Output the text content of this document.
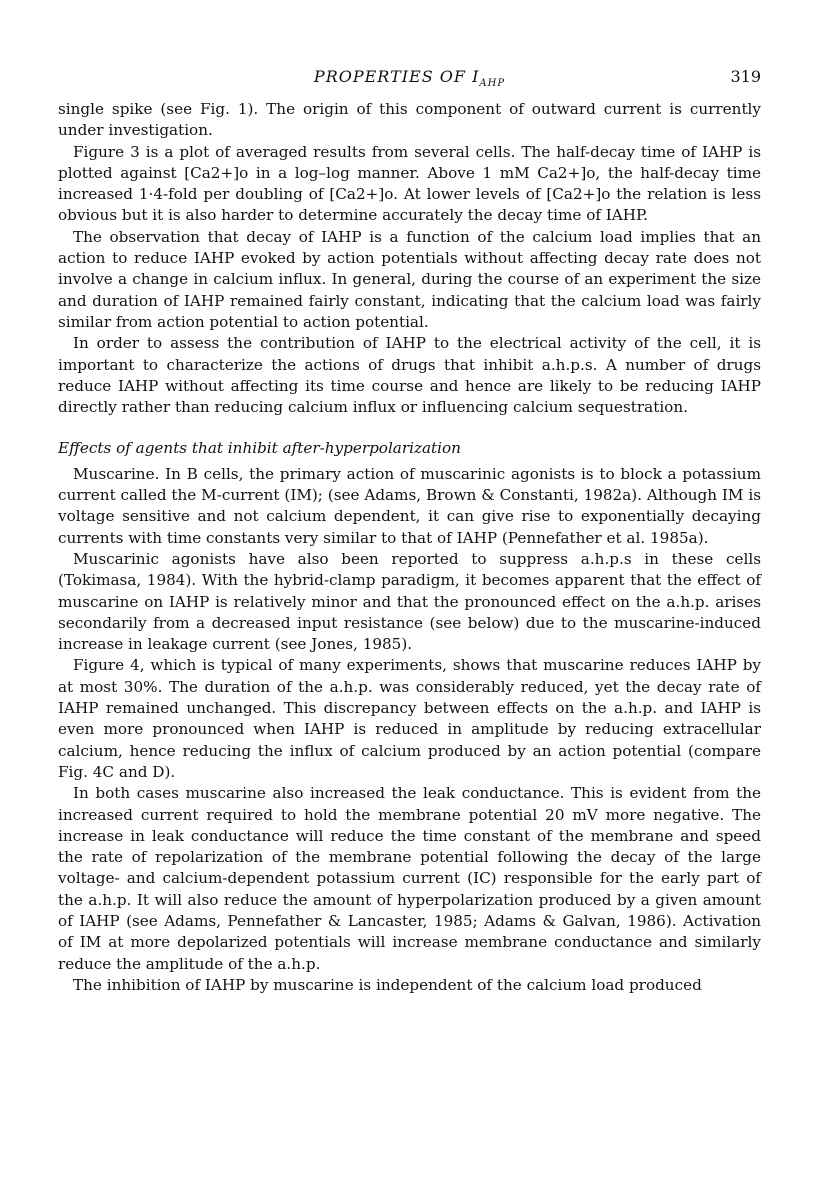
PROPERTIES OF $I_{AHP}$	319

single spike (see Fig. 1). The origin of this component of outward current is currently under investigation.

Figure 3 is a plot of averaged results from several cells. The half-decay time of IAHP is plotted against [Ca2+]o in a log–log manner. Above 1 mM Ca2+]o, the half-decay time increased 1·4-fold per doubling of [Ca2+]o. At lower levels of [Ca2+]o the relation is less obvious but it is also harder to determine accurately the decay time of IAHP.

The observation that decay of IAHP is a function of the calcium load implies that an action to reduce IAHP evoked by action potentials without affecting decay rate does not involve a change in calcium influx. In general, during the course of an experiment the size and duration of IAHP remained fairly constant, indicating that the calcium load was fairly similar from action potential to action potential.

In order to assess the contribution of IAHP to the electrical activity of the cell, it is important to characterize the actions of drugs that inhibit a.h.p.s. A number of drugs reduce IAHP without affecting its time course and hence are likely to be reducing IAHP directly rather than reducing calcium influx or influencing calcium sequestration.

Effects of agents that inhibit after-hyperpolarization

Muscarine. In B cells, the primary action of muscarinic agonists is to block a potassium current called the M-current (IM); (see Adams, Brown & Constanti, 1982a). Although IM is voltage sensitive and not calcium dependent, it can give rise to exponentially decaying currents with time constants very similar to that of IAHP (Pennefather et al. 1985a).

Muscarinic agonists have also been reported to suppress a.h.p.s in these cells (Tokimasa, 1984). With the hybrid-clamp paradigm, it becomes apparent that the effect of muscarine on IAHP is relatively minor and that the pronounced effect on the a.h.p. arises secondarily from a decreased input resistance (see below) due to the muscarine-induced increase in leakage current (see Jones, 1985).

Figure 4, which is typical of many experiments, shows that muscarine reduces IAHP by at most 30%. The duration of the a.h.p. was considerably reduced, yet the decay rate of IAHP remained unchanged. This discrepancy between effects on the a.h.p. and IAHP is even more pronounced when IAHP is reduced in amplitude by reducing extracellular calcium, hence reducing the influx of calcium produced by an action potential (compare Fig. 4C and D).

In both cases muscarine also increased the leak conductance. This is evident from the increased current required to hold the membrane potential 20 mV more negative. The increase in leak conductance will reduce the time constant of the membrane and speed the rate of repolarization of the membrane potential following the decay of the large voltage- and calcium-dependent potassium current (IC) responsible for the early part of the a.h.p. It will also reduce the amount of hyperpolarization produced by a given amount of IAHP (see Adams, Pennefather & Lancaster, 1985; Adams & Galvan, 1986). Activation of IM at more depolarized potentials will increase membrane conductance and similarly reduce the amplitude of the a.h.p.

The inhibition of IAHP by muscarine is independent of the calcium load produced
